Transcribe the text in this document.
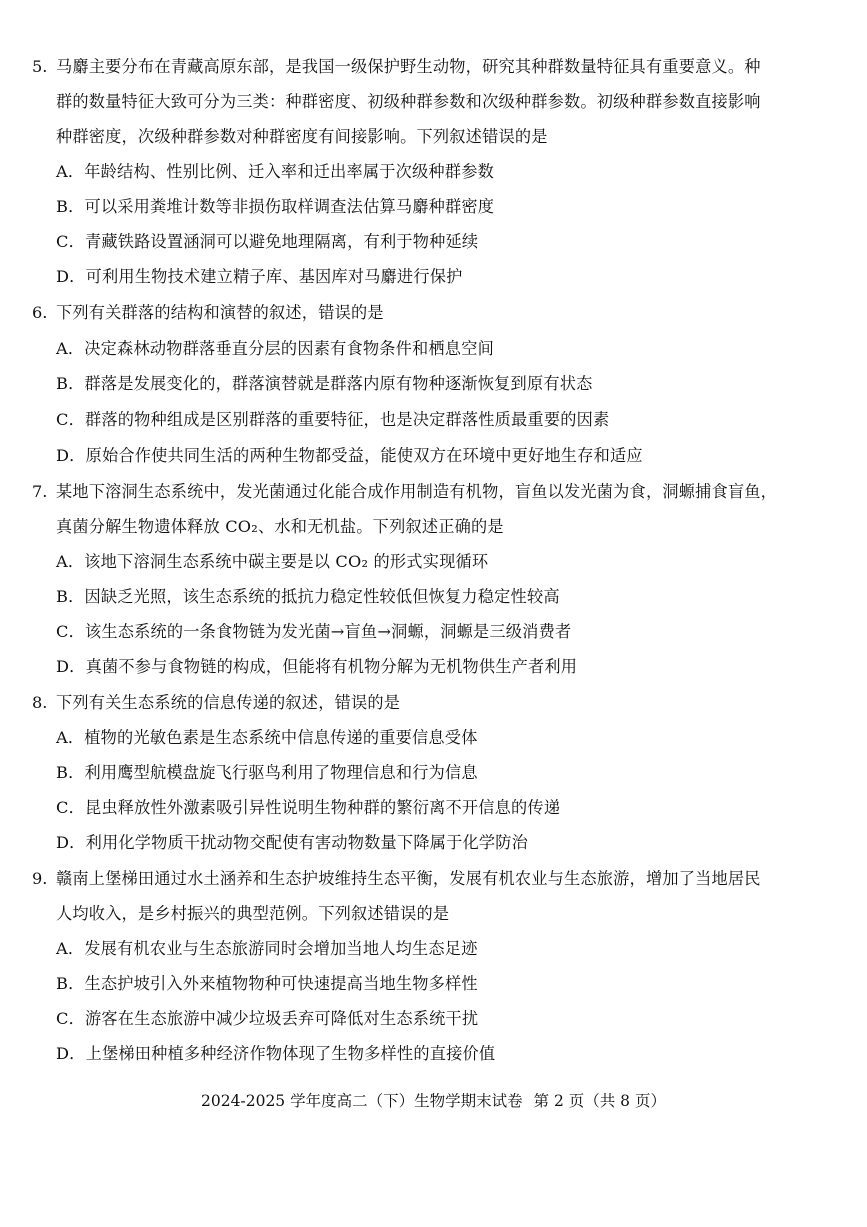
5. 马麝主要分布在青藏高原东部，是我国一级保护野生动物，研究其种群数量特征具有重要意义。种
群的数量特征大致可分为三类：种群密度、初级种群参数和次级种群参数。初级种群参数直接影响
种群密度，次级种群参数对种群密度有间接影响。下列叙述错误的是
A．年龄结构、性别比例、迁入率和迁出率属于次级种群参数
B．可以采用粪堆计数等非损伤取样调查法估算马麝种群密度
C．青藏铁路设置涵洞可以避免地理隔离，有利于物种延续
D．可利用生物技术建立精子库、基因库对马麝进行保护
6. 下列有关群落的结构和演替的叙述，错误的是
A．决定森林动物群落垂直分层的因素有食物条件和栖息空间
B．群落是发展变化的，群落演替就是群落内原有物种逐渐恢复到原有状态
C．群落的物种组成是区别群落的重要特征，也是决定群落性质最重要的因素
D．原始合作使共同生活的两种生物都受益，能使双方在环境中更好地生存和适应
7. 某地下溶洞生态系统中，发光菌通过化能合成作用制造有机物，盲鱼以发光菌为食，洞螈捕食盲鱼，
真菌分解生物遗体释放 CO₂、水和无机盐。下列叙述正确的是
A．该地下溶洞生态系统中碳主要是以 CO₂ 的形式实现循环
B．因缺乏光照，该生态系统的抵抗力稳定性较低但恢复力稳定性较高
C．该生态系统的一条食物链为发光菌→盲鱼→洞螈，洞螈是三级消费者
D．真菌不参与食物链的构成，但能将有机物分解为无机物供生产者利用
8. 下列有关生态系统的信息传递的叙述，错误的是
A．植物的光敏色素是生态系统中信息传递的重要信息受体
B．利用鹰型航模盘旋飞行驱鸟利用了物理信息和行为信息
C．昆虫释放性外激素吸引异性说明生物种群的繁衍离不开信息的传递
D．利用化学物质干扰动物交配使有害动物数量下降属于化学防治
9. 赣南上堡梯田通过水土涵养和生态护坡维持生态平衡，发展有机农业与生态旅游，增加了当地居民
人均收入，是乡村振兴的典型范例。下列叙述错误的是
A．发展有机农业与生态旅游同时会增加当地人均生态足迹
B．生态护坡引入外来植物物种可快速提高当地生物多样性
C．游客在生态旅游中减少垃圾丢弃可降低对生态系统干扰
D．上堡梯田种植多种经济作物体现了生物多样性的直接价值
2024-2025 学年度高二（下）生物学期末试卷 第 2 页（共 8 页）
